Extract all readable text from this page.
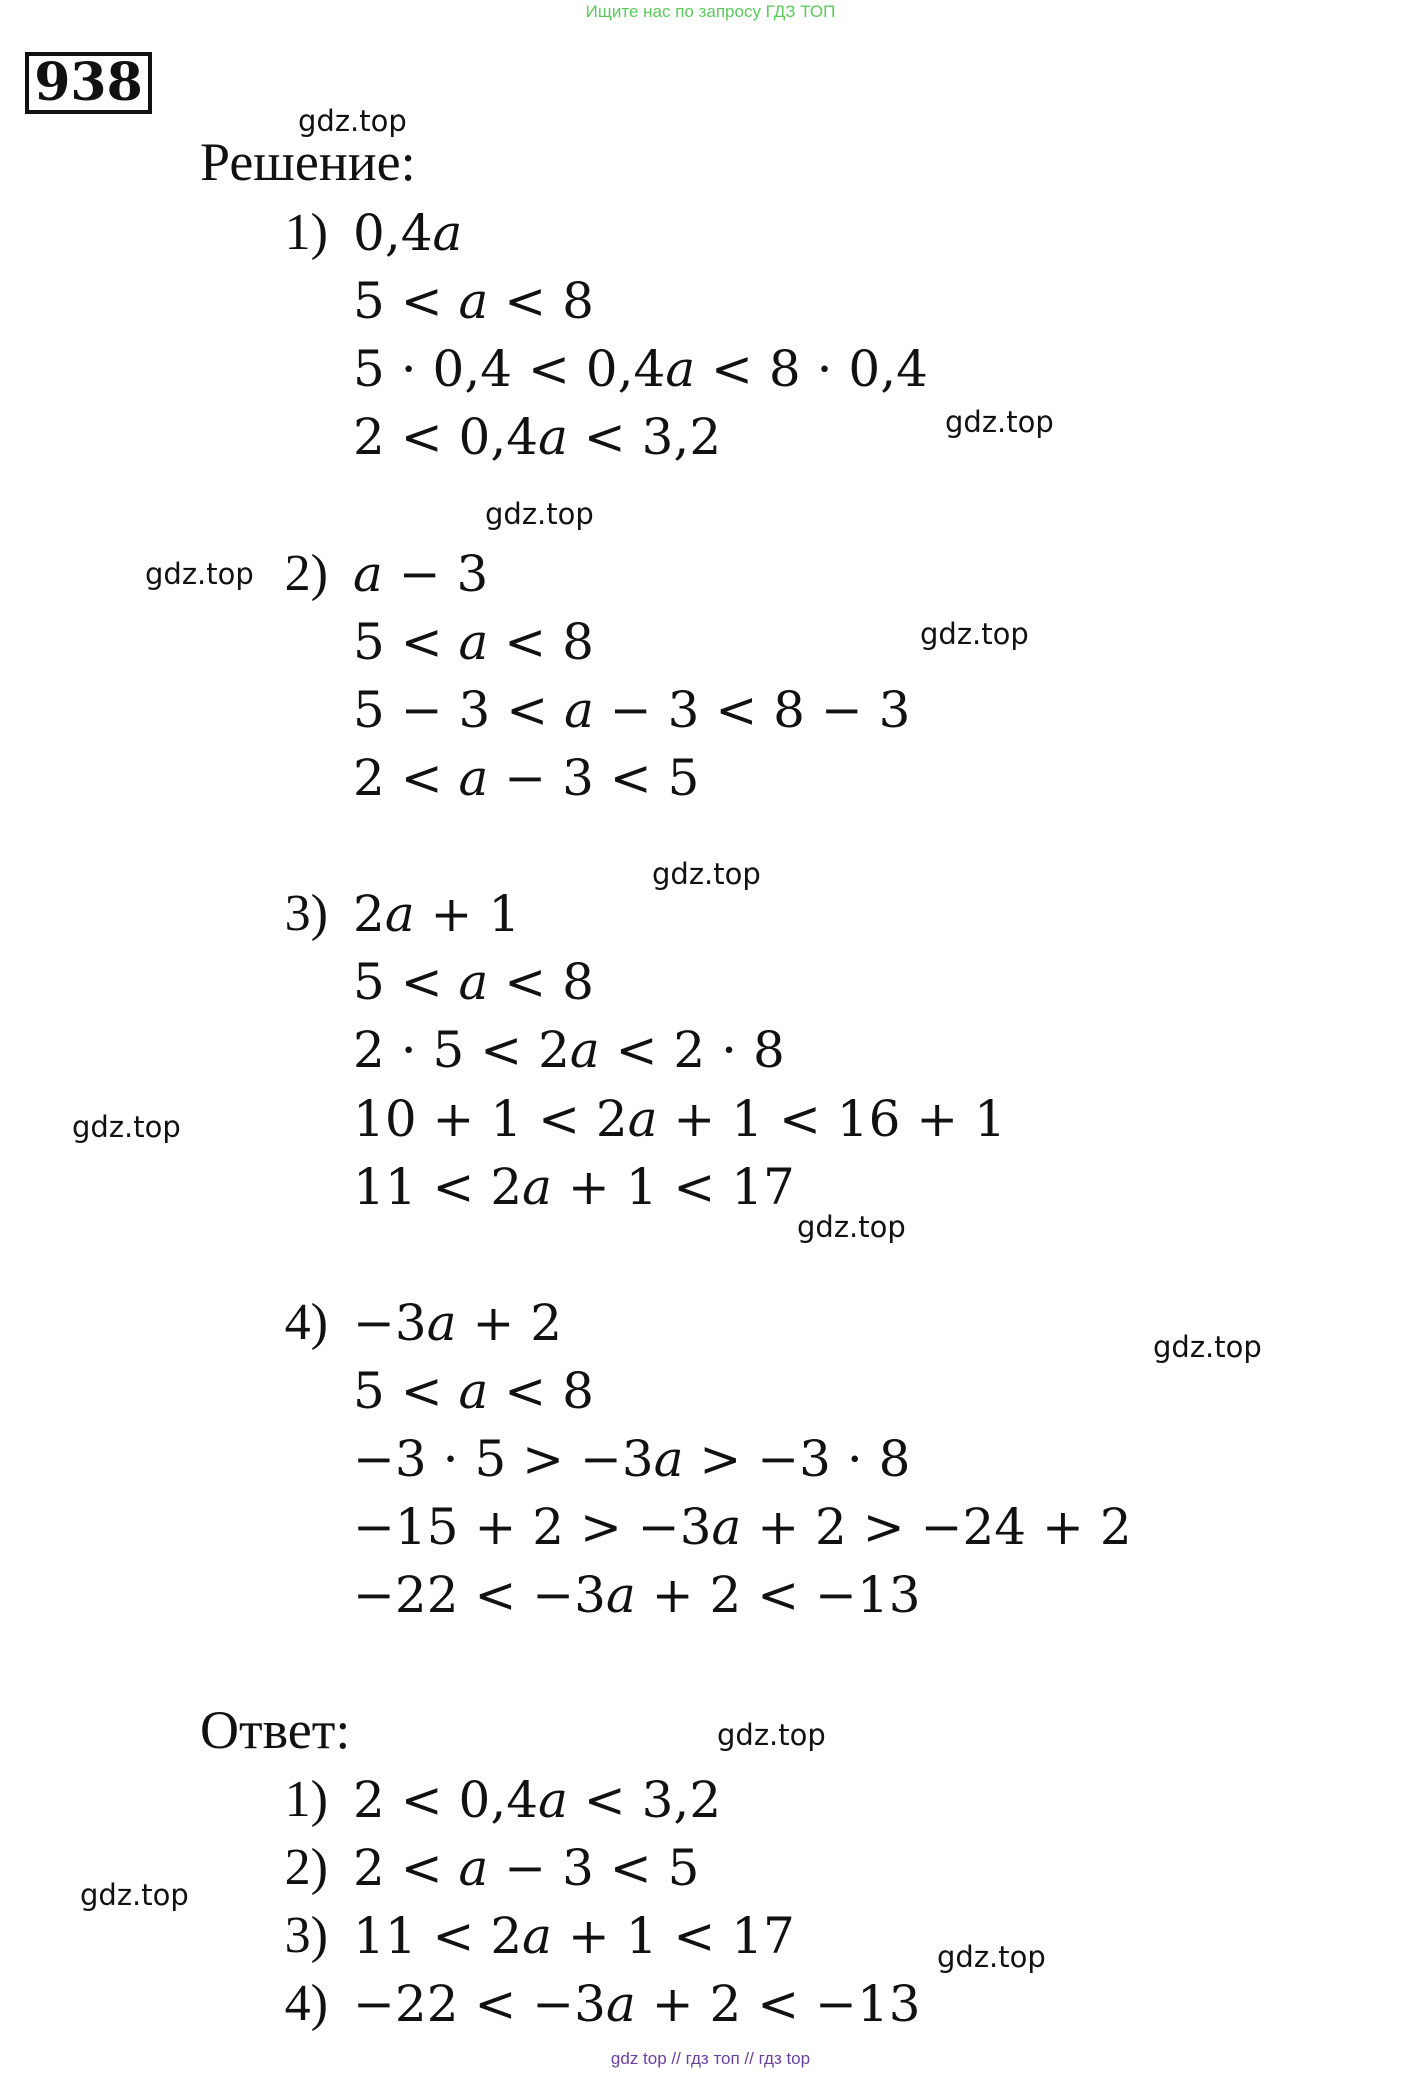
Ищите нас по запросу ГДЗ ТОП
938
Решение:
1) 0,4a
5 < a < 8
5 · 0,4 < 0,4a < 8 · 0,4
2 < 0,4a < 3,2
2) a − 3
5 < a < 8
5 − 3 < a − 3 < 8 − 3
2 < a − 3 < 5
3) 2a + 1
5 < a < 8
2 · 5 < 2a < 2 · 8
10 + 1 < 2a + 1 < 16 + 1
11 < 2a + 1 < 17
4) −3a + 2
5 < a < 8
−3 · 5 > −3a > −3 · 8
−15 + 2 > −3a + 2 > −24 + 2
−22 < −3a + 2 < −13
Ответ:
1) 2 < 0,4a < 3,2
2) 2 < a − 3 < 5
3) 11 < 2a + 1 < 17
4) −22 < −3a + 2 < −13
gdz.top
gdz.top
gdz.top
gdz.top
gdz.top
gdz.top
gdz.top
gdz.top
gdz.top
gdz.top
gdz.top
gdz.top
gdz top // гдз топ // гдз top
